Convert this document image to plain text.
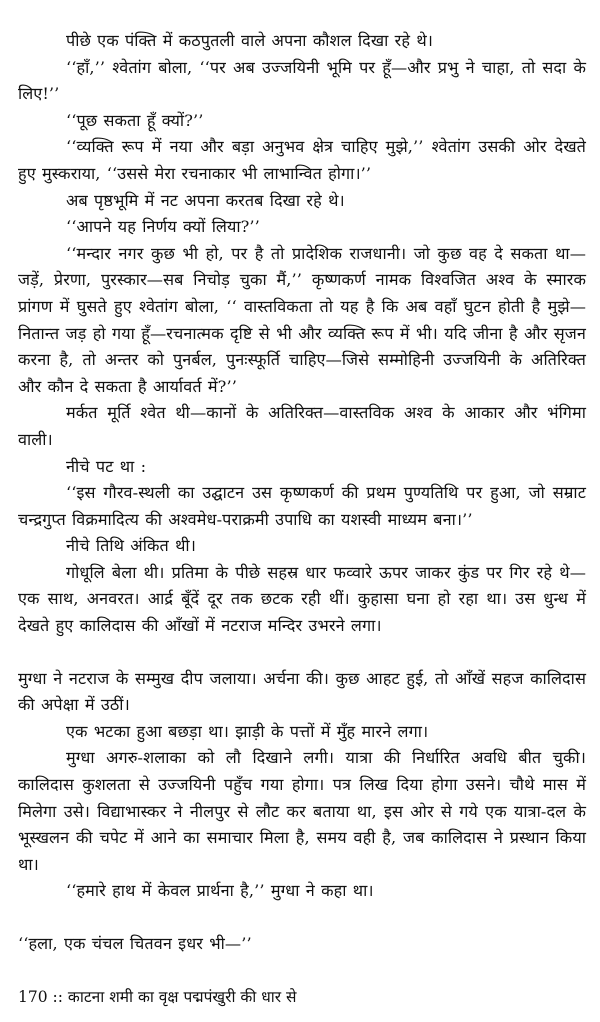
पीछे एक पंक्ति में कठपुतली वाले अपना कौशल दिखा रहे थे।

‘‘हाँ,’’ श्वेतांग बोला, ‘‘पर अब उज्जयिनी भूमि पर हूँ—और प्रभु ने चाहा, तो सदा के लिए!’’

‘‘पूछ सकता हूँ क्यों?’’

‘‘व्यक्ति रूप में नया और बड़ा अनुभव क्षेत्र चाहिए मुझे,’’ श्वेतांग उसकी ओर देखते हुए मुस्कराया, ‘‘उससे मेरा रचनाकार भी लाभान्वित होगा।’’

अब पृष्ठभूमि में नट अपना करतब दिखा रहे थे।

‘‘आपने यह निर्णय क्यों लिया?’’

‘‘मन्दार नगर कुछ भी हो, पर है तो प्रादेशिक राजधानी। जो कुछ वह दे सकता था—जड़ें, प्रेरणा, पुरस्कार—सब निचोड़ चुका मैं,’’ कृष्णकर्ण नामक विश्वजित अश्व के स्मारक प्रांगण में घुसते हुए श्वेतांग बोला, ‘‘ वास्तविकता तो यह है कि अब वहाँ घुटन होती है मुझे—नितान्त जड़ हो गया हूँ—रचनात्मक दृष्टि से भी और व्यक्ति रूप में भी। यदि जीना है और सृजन करना है, तो अन्तर को पुनर्बल, पुनःस्फूर्ति चाहिए—जिसे सम्मोहिनी उज्जयिनी के अतिरिक्त और कौन दे सकता है आर्यावर्त में?’’

मर्कत मूर्ति श्वेत थी—कानों के अतिरिक्त—वास्तविक अश्व के आकार और भंगिमा वाली।

नीचे पट था :

‘‘इस गौरव-स्थली का उद्घाटन उस कृष्णकर्ण की प्रथम पुण्यतिथि पर हुआ, जो सम्राट चन्द्रगुप्त विक्रमादित्य की अश्वमेध-पराक्रमी उपाधि का यशस्वी माध्यम बना।’’

नीचे तिथि अंकित थी।

गोधूलि बेला थी। प्रतिमा के पीछे सहस्र धार फव्वारे ऊपर जाकर कुंड पर गिर रहे थे—एक साथ, अनवरत। आर्द्र बूँदें दूर तक छटक रही थीं। कुहासा घना हो रहा था। उस धुन्ध में देखते हुए कालिदास की आँखों में नटराज मन्दिर उभरने लगा।

मुग्धा ने नटराज के सम्मुख दीप जलाया। अर्चना की। कुछ आहट हुई, तो आँखें सहज कालिदास की अपेक्षा में उठीं।

एक भटका हुआ बछड़ा था। झाड़ी के पत्तों में मुँह मारने लगा।

मुग्धा अगरु-शलाका को लौ दिखाने लगी। यात्रा की निर्धारित अवधि बीत चुकी। कालिदास कुशलता से उज्जयिनी पहुँच गया होगा। पत्र लिख दिया होगा उसने। चौथे मास में मिलेगा उसे। विद्याभास्कर ने नीलपुर से लौट कर बताया था, इस ओर से गये एक यात्रा-दल के भूस्खलन की चपेट में आने का समाचार मिला है, समय वही है, जब कालिदास ने प्रस्थान किया था।

‘‘हमारे हाथ में केवल प्रार्थना है,’’ मुग्धा ने कहा था।

‘‘हला, एक चंचल चितवन इधर भी—’’

170 :: काटना शमी का वृक्ष पद्मपंखुरी की धार से
